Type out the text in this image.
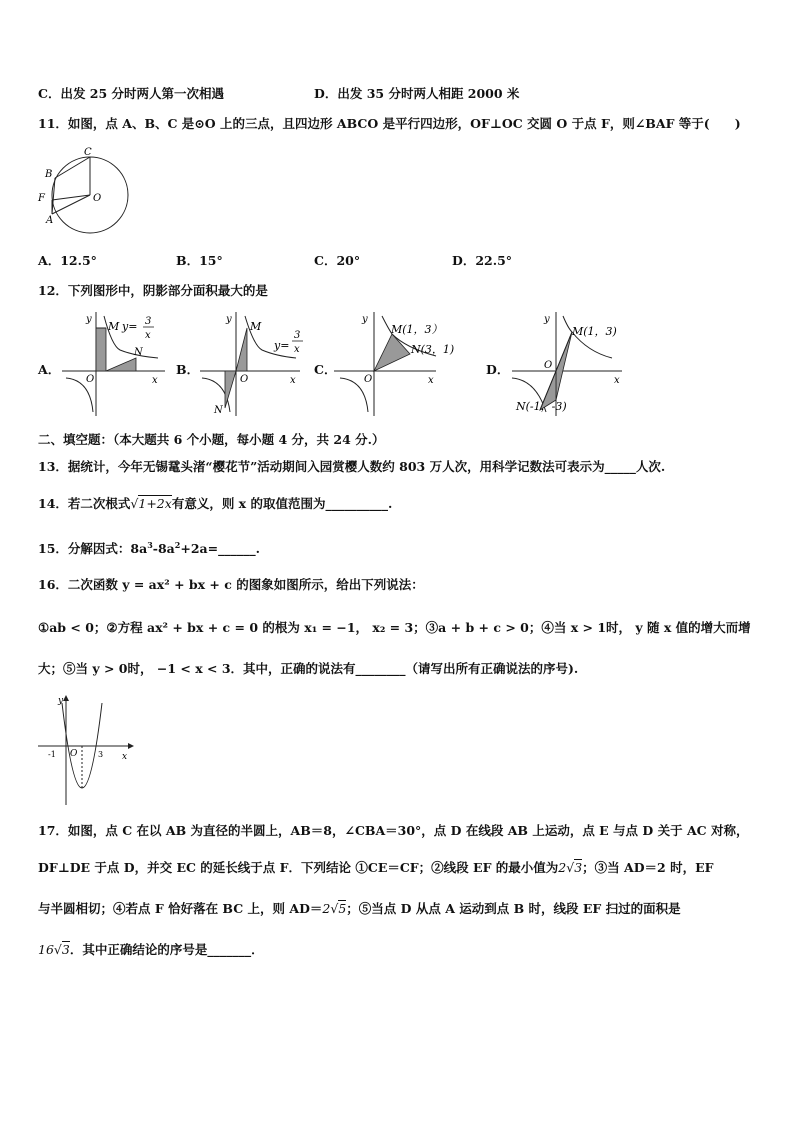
C．出发 25 分时两人第一次相遇	D．出发 35 分时两人相距 2000 米
11．如图，点 A、B、C 是⊙O 上的三点，且四边形 ABCO 是平行四边形，OF⊥OC 交圆 O 于点 F，则∠BAF 等于(　　)
C
B
F
A
O
A．12.5°	B．15°	C．20°	D．22.5°
12．下列图形中，阴影部分面积最大的是
A．
y
M y= 3
x
N
O	x
B．
y
M
y=
3
x
O
N
x
C．
y
M(1，3）
N(3，1)
O	x
D．
y
M(1，3)
O
N(-1，-3)
x
二、填空题：（本大题共 6 个小题，每小题 4 分，共 24 分.）
13．据统计，今年无锡鼋头渚“樱花节”活动期间入园赏樱人数约 803 万人次，用科学记数法可表示为_____人次.
14．若二次根式√1+2x有意义，则 x 的取值范围为__________.
15．分解因式：$8a^3-8a^2+2a=\_\_\_\_\_\_$.
16．二次函数 y = ax² + bx + c 的图象如图所示，给出下列说法：
①ab < 0；②方程 ax² + bx + c = 0 的根为 x₁ = −1， x₂ = 3；③a + b + c > 0；④当 x > 1时， y 随 x 值的增大而增
大；⑤当 y > 0时， −1 < x < 3．其中，正确的说法有________（请写出所有正确说法的序号).
y
-1 O	3 x
17．如图，点 C 在以 AB 为直径的半圆上，AB＝8，∠CBA＝30°，点 D 在线段 AB 上运动，点 E 与点 D 关于 AC 对称，
DF⊥DE 于点 D，并交 EC 的延长线于点 F．下列结论 ①CE＝CF；②线段 EF 的最小值为2√3；③当 AD＝2 时，EF
与半圆相切；④若点 F 恰好落在 BC 上，则 AD＝2√5；⑤当点 D 从点 A 运动到点 B 时，线段 EF 扫过的面积是
16√3．其中正确结论的序号是_______．
